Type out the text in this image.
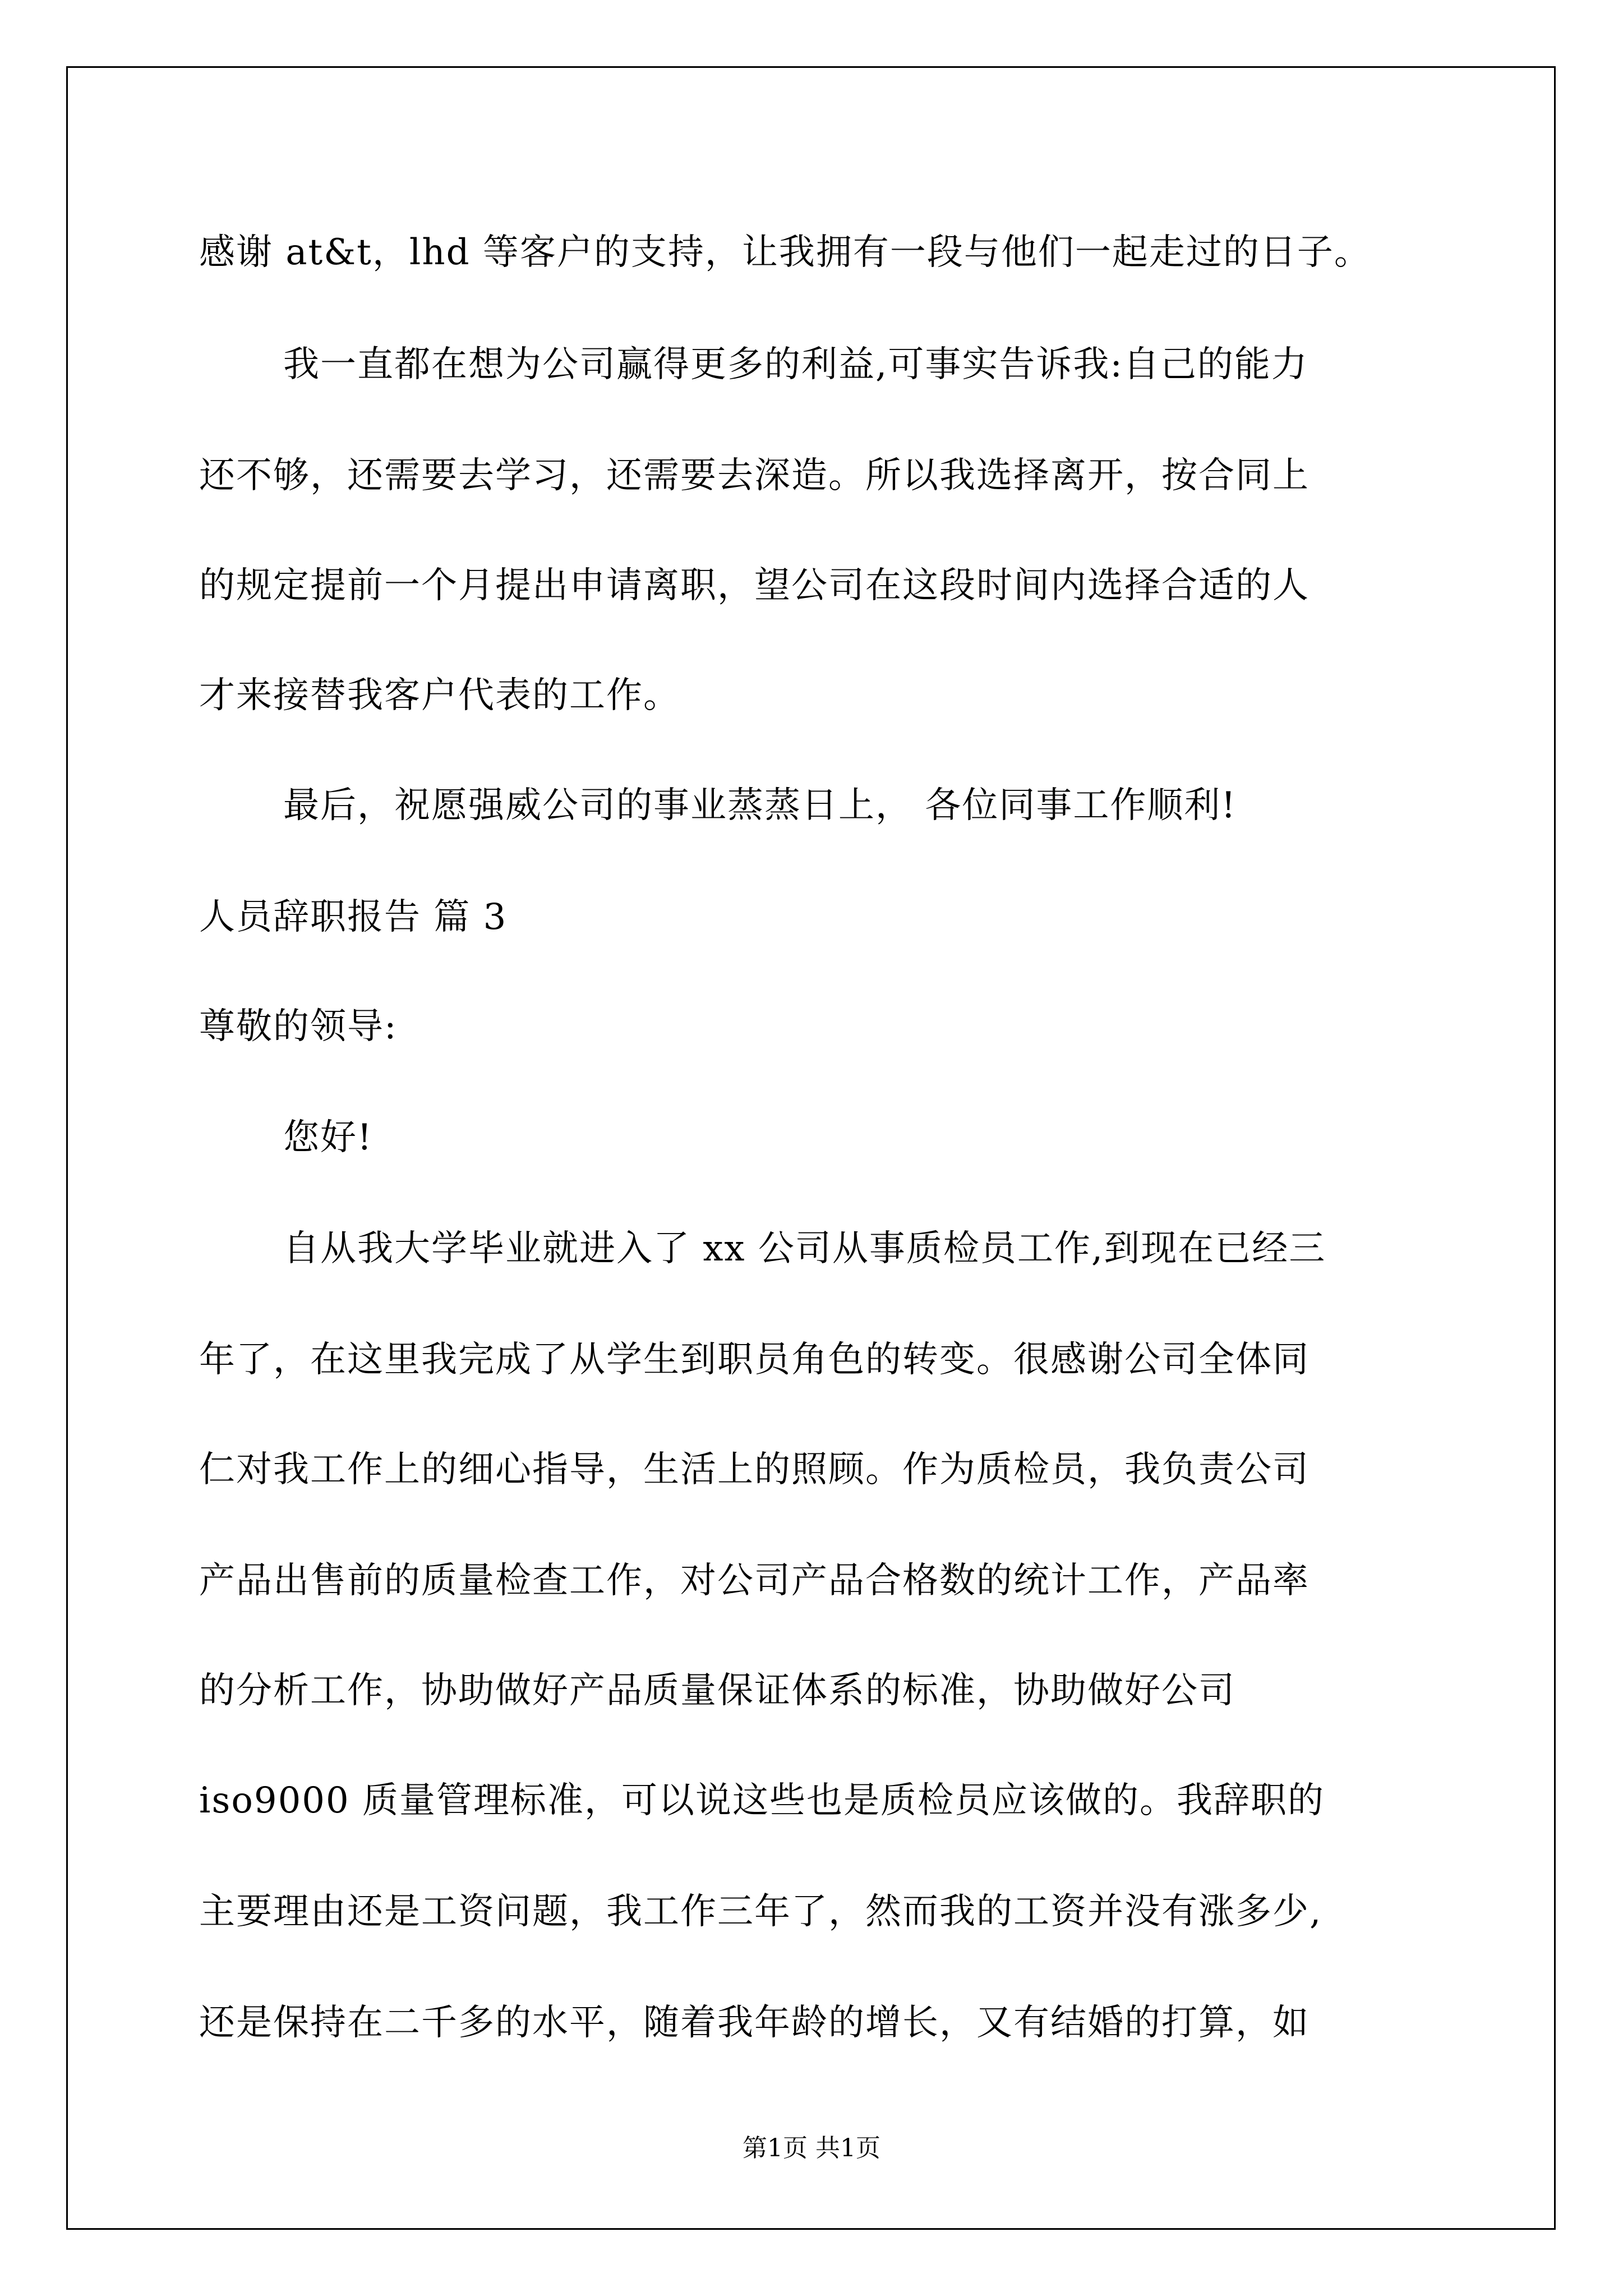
感谢 at&t，lhd 等客户的支持，让我拥有一段与他们一起走过的日子。
我一直都在想为公司赢得更多的利益,可事实告诉我:自己的能力
还不够，还需要去学习，还需要去深造。所以我选择离开，按合同上
的规定提前一个月提出申请离职，望公司在这段时间内选择合适的人
才来接替我客户代表的工作。
最后，祝愿强威公司的事业蒸蒸日上， 各位同事工作顺利!
人员辞职报告 篇 3
尊敬的领导:
您好!
自从我大学毕业就进入了 xx 公司从事质检员工作,到现在已经三
年了，在这里我完成了从学生到职员角色的转变。很感谢公司全体同
仁对我工作上的细心指导，生活上的照顾。作为质检员，我负责公司
产品出售前的质量检查工作，对公司产品合格数的统计工作，产品率
的分析工作，协助做好产品质量保证体系的标准，协助做好公司
iso9000 质量管理标准，可以说这些也是质检员应该做的。我辞职的
主要理由还是工资问题，我工作三年了，然而我的工资并没有涨多少,
还是保持在二千多的水平，随着我年龄的增长，又有结婚的打算，如
第1页 共1页
